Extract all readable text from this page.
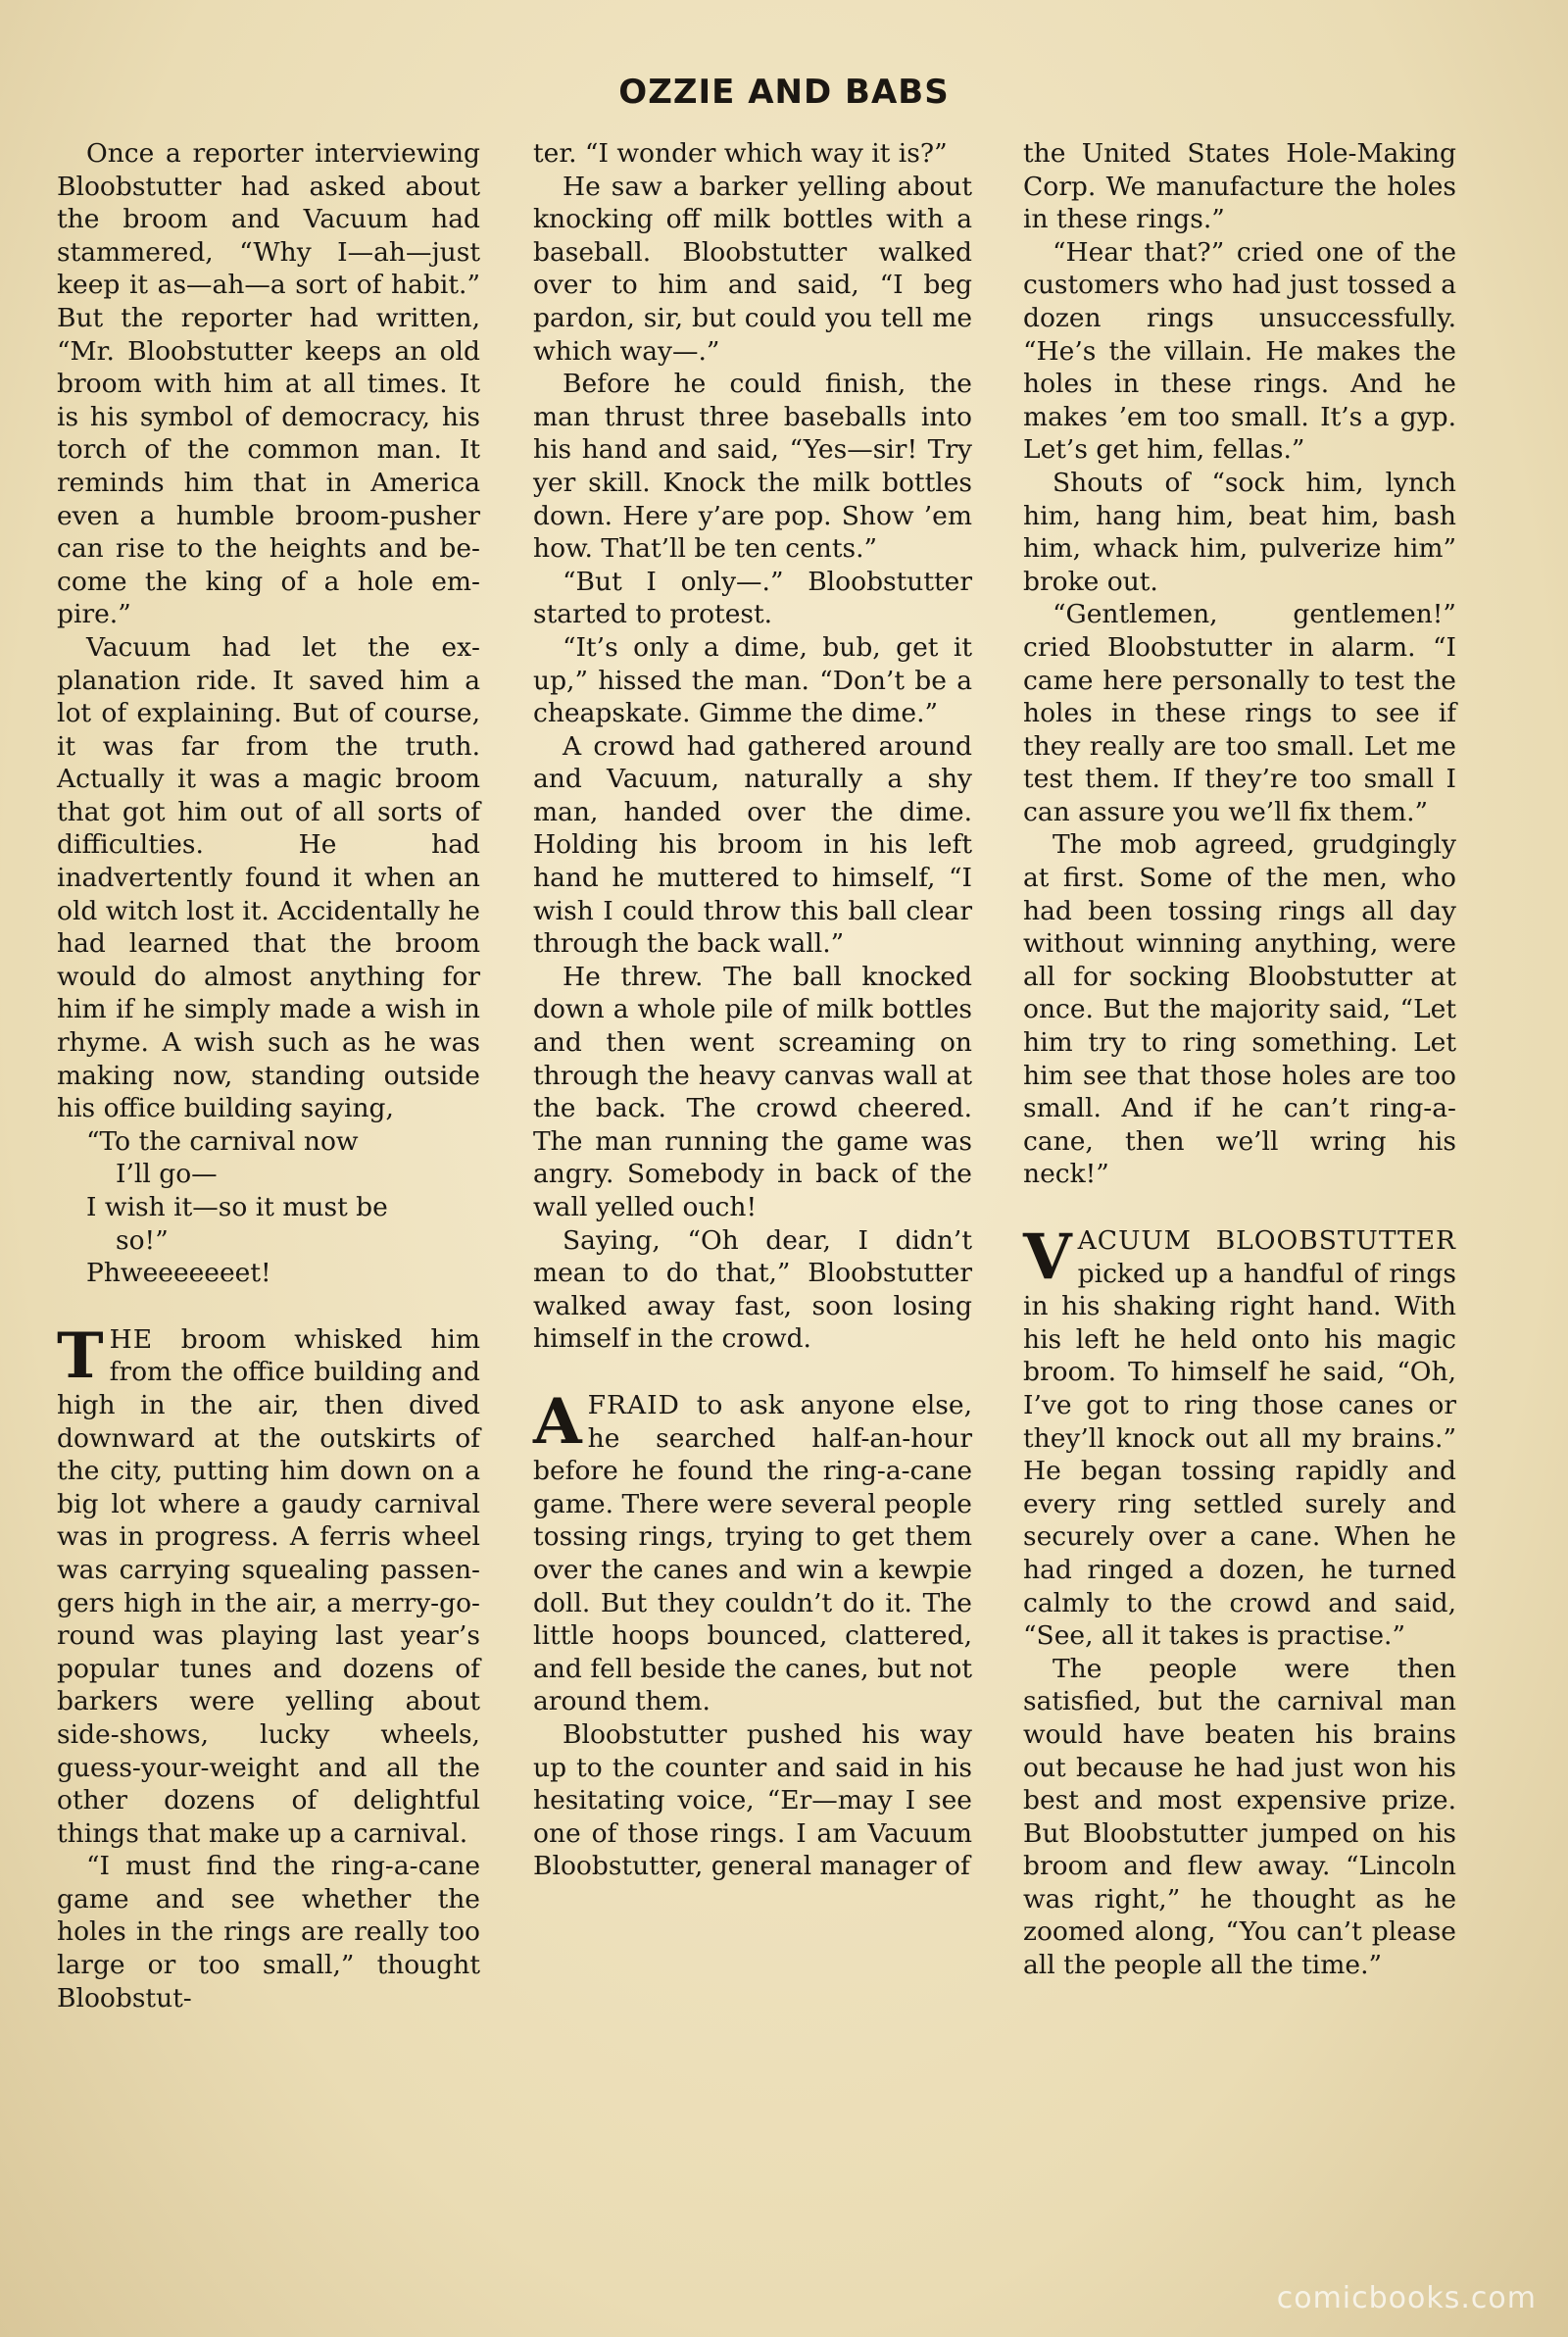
OZZIE AND BABS

Once a reporter interviewing Bloobstutter had asked about the broom and Vacuum had stammered, “Why I—ah—just keep it as—ah—a sort of habit.” But the reporter had written, “Mr. Bloobstutter keeps an old broom with him at all times. It is his symbol of democracy, his torch of the common man. It reminds him that in America even a humble broom-pusher can rise to the heights and become the king of a hole empire.”

Vacuum had let the explanation ride. It saved him a lot of explaining. But of course, it was far from the truth. Actually it was a magic broom that got him out of all sorts of difficulties. He had inadvertently found it when an old witch lost it. Accidentally he had learned that the broom would do almost anything for him if he simply made a wish in rhyme. A wish such as he was making now, standing outside his office building saying,

“To the carnival now

I’ll go—

I wish it—so it must be

so!”

Phweeeeeeet!

THE broom whisked him from the office building and high in the air, then dived downward at the outskirts of the city, putting him down on a big lot where a gaudy carnival was in progress. A ferris wheel was carrying squealing passengers high in the air, a merry-go-round was playing last year’s popular tunes and dozens of barkers were yelling about side-shows, lucky wheels, guess-your-weight and all the other dozens of delightful things that make up a carnival.

“I must find the ring-a-cane game and see whether the holes in the rings are really too large or too small,” thought Bloobstut-

ter. “I wonder which way it is?”

He saw a barker yelling about knocking off milk bottles with a baseball. Bloobstutter walked over to him and said, “I beg pardon, sir, but could you tell me which way—.”

Before he could finish, the man thrust three baseballs into his hand and said, “Yes—sir! Try yer skill. Knock the milk bottles down. Here y’are pop. Show ’em how. That’ll be ten cents.”

“But I only—.” Bloobstutter started to protest.

“It’s only a dime, bub, get it up,” hissed the man. “Don’t be a cheapskate. Gimme the dime.”

A crowd had gathered around and Vacuum, naturally a shy man, handed over the dime. Holding his broom in his left hand he muttered to himself, “I wish I could throw this ball clear through the back wall.”

He threw. The ball knocked down a whole pile of milk bottles and then went screaming on through the heavy canvas wall at the back. The crowd cheered. The man running the game was angry. Somebody in back of the wall yelled ouch!

Saying, “Oh dear, I didn’t mean to do that,” Bloobstutter walked away fast, soon losing himself in the crowd.

AFRAID to ask anyone else, he searched half-an-hour before he found the ring-a-cane game. There were several people tossing rings, trying to get them over the canes and win a kewpie doll. But they couldn’t do it. The little hoops bounced, clattered, and fell beside the canes, but not around them.

Bloobstutter pushed his way up to the counter and said in his hesitating voice, “Er—may I see one of those rings. I am Vacuum Bloobstutter, general manager of

the United States Hole-Making Corp. We manufacture the holes in these rings.”

“Hear that?” cried one of the customers who had just tossed a dozen rings unsuccessfully. “He’s the villain. He makes the holes in these rings. And he makes ’em too small. It’s a gyp. Let’s get him, fellas.”

Shouts of “sock him, lynch him, hang him, beat him, bash him, whack him, pulverize him” broke out.

“Gentlemen, gentlemen!” cried Bloobstutter in alarm. “I came here personally to test the holes in these rings to see if they really are too small. Let me test them. If they’re too small I can assure you we’ll fix them.”

The mob agreed, grudgingly at first. Some of the men, who had been tossing rings all day without winning anything, were all for socking Bloobstutter at once. But the majority said, “Let him try to ring something. Let him see that those holes are too small. And if he can’t ring-a-cane, then we’ll wring his neck!”

VACUUM BLOOBSTUTTER picked up a handful of rings in his shaking right hand. With his left he held onto his magic broom. To himself he said, “Oh, I’ve got to ring those canes or they’ll knock out all my brains.” He began tossing rapidly and every ring settled surely and securely over a cane. When he had ringed a dozen, he turned calmly to the crowd and said, “See, all it takes is practise.”

The people were then satisfied, but the carnival man would have beaten his brains out because he had just won his best and most expensive prize. But Bloobstutter jumped on his broom and flew away. “Lincoln was right,” he thought as he zoomed along, “You can’t please all the people all the time.”

comicbooks.com
